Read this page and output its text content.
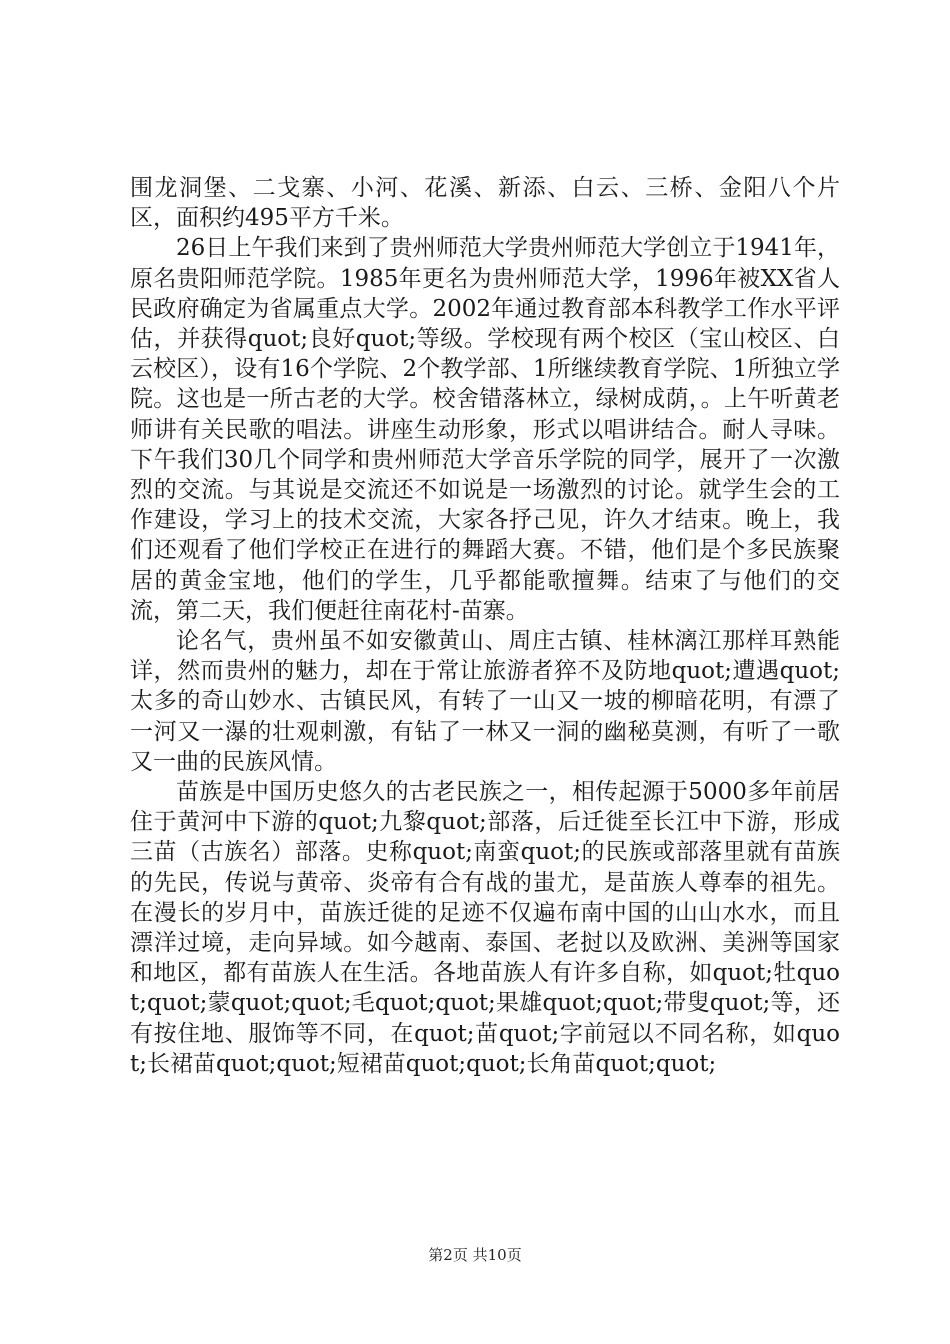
围龙洞堡、二戈寨、小河、花溪、新添、白云、三桥、金阳八个片区，面积约495平方千米。

26日上午我们来到了贵州师范大学贵州师范大学创立于1941年，原名贵阳师范学院。1985年更名为贵州师范大学，1996年被XX省人民政府确定为省属重点大学。2002年通过教育部本科教学工作水平评估，并获得quot;良好quot;等级。学校现有两个校区（宝山校区、白云校区），设有16个学院、2个教学部、1所继续教育学院、1所独立学院。这也是一所古老的大学。校舍错落林立，绿树成荫，。上午听黄老师讲有关民歌的唱法。讲座生动形象，形式以唱讲结合。耐人寻味。下午我们30几个同学和贵州师范大学音乐学院的同学，展开了一次激烈的交流。与其说是交流还不如说是一场激烈的讨论。就学生会的工作建设，学习上的技术交流，大家各抒己见，许久才结束。晚上，我们还观看了他们学校正在进行的舞蹈大赛。不错，他们是个多民族聚居的黄金宝地，他们的学生，几乎都能歌擅舞。结束了与他们的交流，第二天，我们便赶往南花村-苗寨。

论名气，贵州虽不如安徽黄山、周庄古镇、桂林漓江那样耳熟能详，然而贵州的魅力，却在于常让旅游者猝不及防地quot;遭遇quot;太多的奇山妙水、古镇民风，有转了一山又一坡的柳暗花明，有漂了一河又一瀑的壮观刺激，有钻了一林又一洞的幽秘莫测，有听了一歌又一曲的民族风情。

苗族是中国历史悠久的古老民族之一，相传起源于5000多年前居住于黄河中下游的quot;九黎quot;部落，后迁徙至长江中下游，形成三苗（古族名）部落。史称quot;南蛮quot;的民族或部落里就有苗族的先民，传说与黄帝、炎帝有合有战的蚩尤，是苗族人尊奉的祖先。在漫长的岁月中，苗族迁徙的足迹不仅遍布南中国的山山水水，而且漂洋过境，走向异域。如今越南、泰国、老挝以及欧洲、美洲等国家和地区，都有苗族人在生活。各地苗族人有许多自称，如quot;牡quot;quot;蒙quot;quot;毛quot;quot;果雄quot;quot;带叟quot;等，还有按住地、服饰等不同，在quot;苗quot;字前冠以不同名称，如quot;长裙苗quot;quot;短裙苗quot;quot;长角苗quot;quot;

第2页 共10页
